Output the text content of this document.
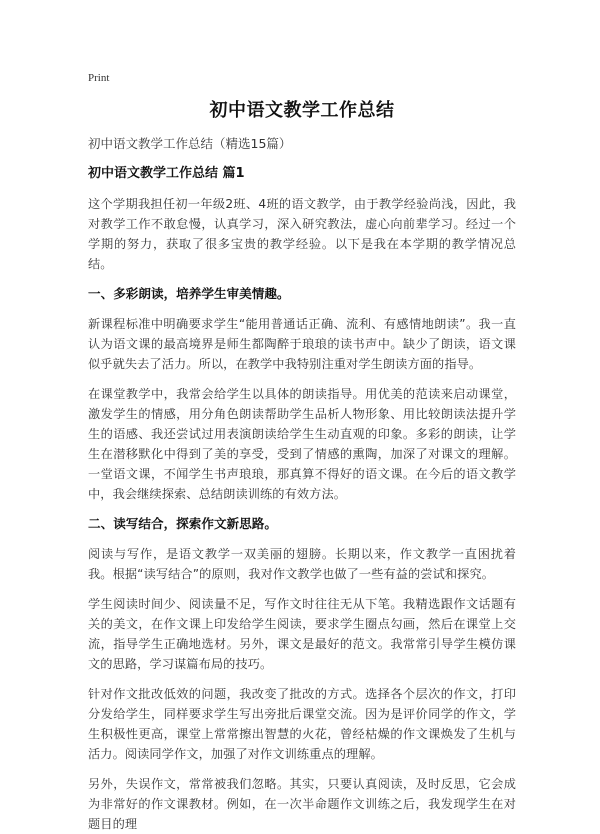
Print

初中语文教学工作总结

初中语文教学工作总结（精选15篇）

初中语文教学工作总结 篇1

这个学期我担任初一年级2班、4班的语文教学，由于教学经验尚浅，因此，我对教学工作不敢怠慢，认真学习，深入研究教法，虚心向前辈学习。经过一个学期的努力，获取了很多宝贵的教学经验。以下是我在本学期的教学情况总结。

一、多彩朗读，培养学生审美情趣。

新课程标准中明确要求学生“能用普通话正确、流利、有感情地朗读”。我一直认为语文课的最高境界是师生都陶醉于琅琅的读书声中。缺少了朗读，语文课似乎就失去了活力。所以，在教学中我特别注重对学生朗读方面的指导。

在课堂教学中，我常会给学生以具体的朗读指导。用优美的范读来启动课堂，激发学生的情感，用分角色朗读帮助学生品析人物形象、用比较朗读法提升学生的语感、我还尝试过用表演朗读给学生生动直观的印象。多彩的朗读，让学生在潜移默化中得到了美的享受，受到了情感的熏陶，加深了对课文的理解。一堂语文课，不闻学生书声琅琅，那真算不得好的语文课。在今后的语文教学中，我会继续探索、总结朗读训练的有效方法。

二、读写结合，探索作文新思路。

阅读与写作，是语文教学一双美丽的翅膀。长期以来，作文教学一直困扰着我。根据“读写结合”的原则，我对作文教学也做了一些有益的尝试和探究。

学生阅读时间少、阅读量不足，写作文时往往无从下笔。我精选跟作文话题有关的美文，在作文课上印发给学生阅读，要求学生圈点勾画，然后在课堂上交流，指导学生正确地选材。另外，课文是最好的范文。我常常引导学生模仿课文的思路，学习谋篇布局的技巧。

针对作文批改低效的问题，我改变了批改的方式。选择各个层次的作文，打印分发给学生，同样要求学生写出旁批后课堂交流。因为是评价同学的作文，学生积极性更高，课堂上常常擦出智慧的火花，曾经枯燥的作文课焕发了生机与活力。阅读同学作文，加强了对作文训练重点的理解。

另外，失误作文，常常被我们忽略。其实，只要认真阅读，及时反思，它会成为非常好的作文课教材。例如，在一次半命题作文训练之后，我发现学生在对题目的理
